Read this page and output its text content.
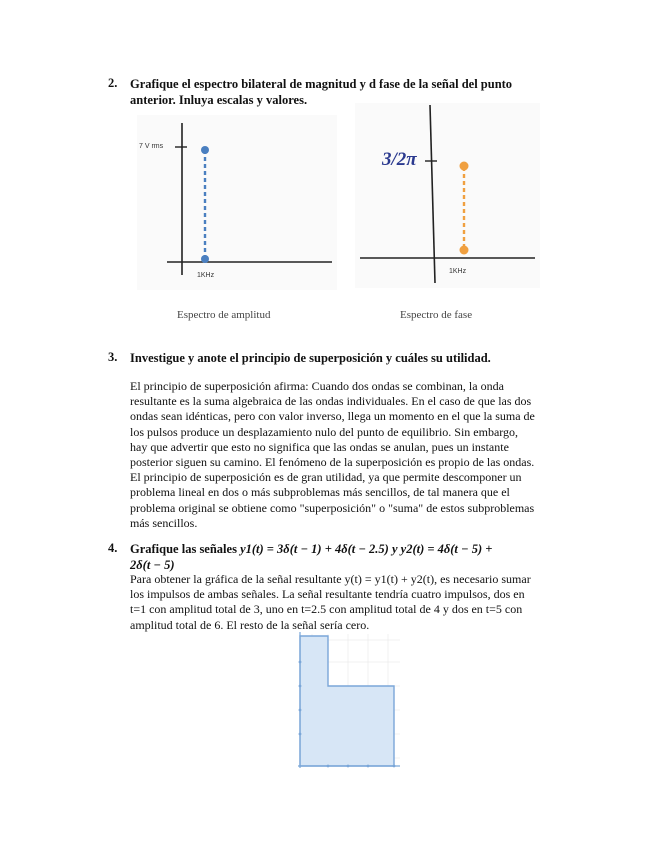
2. Grafique el espectro bilateral de magnitud y d fase de la señal del punto
anterior. Inluya escalas y valores.
7 V rms
1KHz
Espectro de amplitud
3/2π
1KHz
Espectro de fase
3. Investigue y anote el principio de superposición y cuáles su utilidad.
El principio de superposición afirma: Cuando dos ondas se combinan, la onda
resultante es la suma algebraica de las ondas individuales. En el caso de que las dos
ondas sean idénticas, pero con valor inverso, llega un momento en el que la suma de
los pulsos produce un desplazamiento nulo del punto de equilibrio. Sin embargo,
hay que advertir que esto no significa que las ondas se anulan, pues un instante
posterior siguen su camino. El fenómeno de la superposición es propio de las ondas.
El principio de superposición es de gran utilidad, ya que permite descomponer un
problema lineal en dos o más subproblemas más sencillos, de tal manera que el
problema original se obtiene como "superposición" o "suma" de estos subproblemas
más sencillos.
4. Grafique las señales y1(t) = 3δ(t − 1) + 4δ(t − 2.5) y y2(t) = 4δ(t − 5) +
2δ(t − 5)
Para obtener la gráfica de la señal resultante y(t) = y1(t) + y2(t), es necesario sumar
los impulsos de ambas señales. La señal resultante tendría cuatro impulsos, dos en
t=1 con amplitud total de 3, uno en t=2.5 con amplitud total de 4 y dos en t=5 con
amplitud total de 6. El resto de la señal sería cero.
